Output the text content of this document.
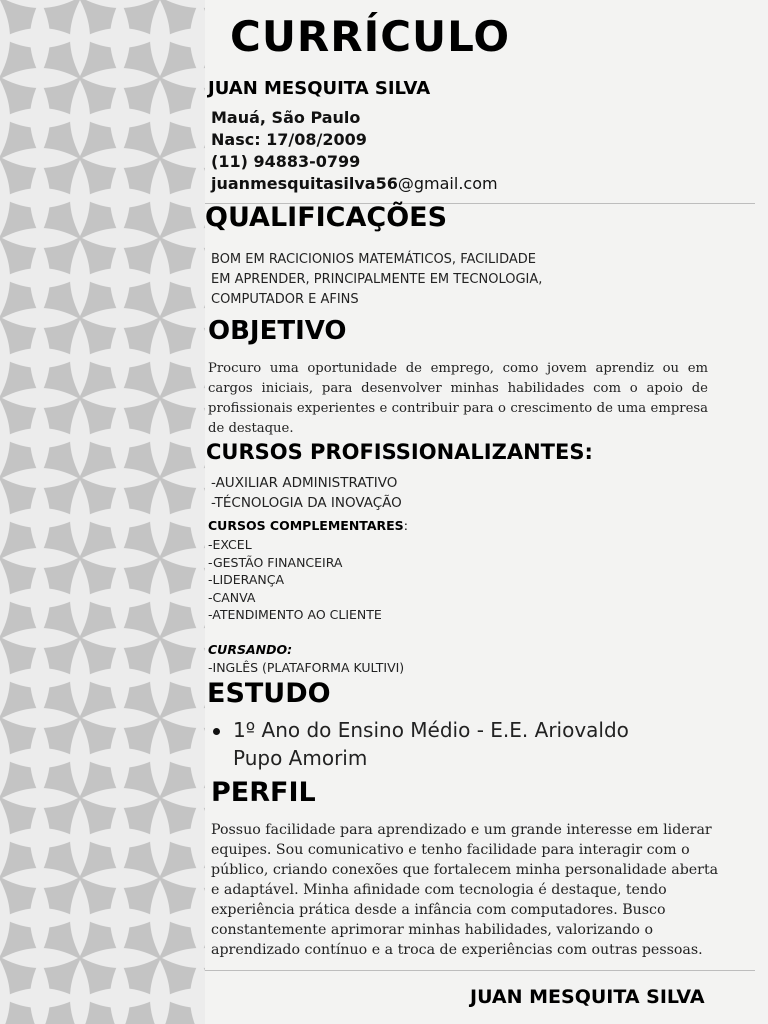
CURRÍCULO
JUAN MESQUITA SILVA
Mauá, São Paulo
Nasc: 17/08/2009
(11) 94883-0799
juanmesquitasilva56@gmail.com
QUALIFICAÇÕES
BOM EM RACICIONIOS MATEMÁTICOS, FACILIDADE
EM APRENDER, PRINCIPALMENTE EM TECNOLOGIA,
COMPUTADOR E AFINS
OBJETIVO
Procuro uma oportunidade de emprego, como jovem aprendiz ou em cargos iniciais, para desenvolver minhas habilidades com o apoio de profissionais experientes e contribuir para o crescimento de uma empresa de destaque.
CURSOS PROFISSIONALIZANTES:
-AUXILIAR ADMINISTRATIVO
-TÉCNOLOGIA DA INOVAÇÃO
CURSOS COMPLEMENTARES:
-EXCEL
-GESTÃO FINANCEIRA
-LIDERANÇA
-CANVA
-ATENDIMENTO AO CLIENTE
CURSANDO:
-INGLÊS (PLATAFORMA KULTIVI)
ESTUDO
1º Ano do Ensino Médio - E.E. Ariovaldo
Pupo Amorim
PERFIL
Possuo facilidade para aprendizado e um grande interesse em liderar
equipes. Sou comunicativo e tenho facilidade para interagir com o
público, criando conexões que fortalecem minha personalidade aberta
e adaptável. Minha afinidade com tecnologia é destaque, tendo
experiência prática desde a infância com computadores. Busco
constantemente aprimorar minhas habilidades, valorizando o
aprendizado contínuo e a troca de experiências com outras pessoas.
JUAN MESQUITA SILVA
